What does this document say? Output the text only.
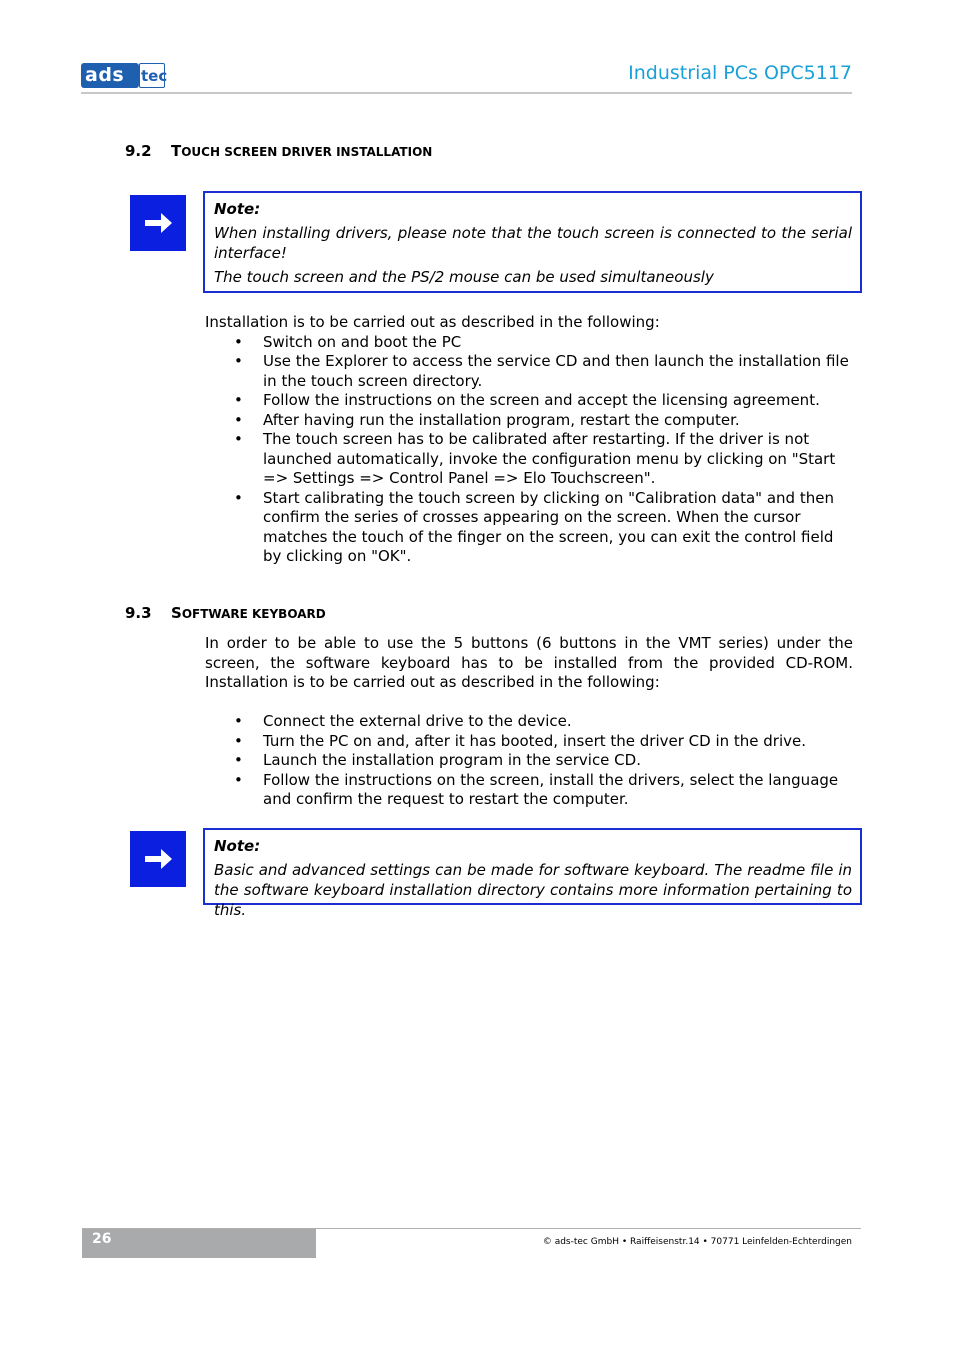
ads tec	Industrial PCs OPC5117
9.2 TOUCH SCREEN DRIVER INSTALLATION
Note:
When installing drivers, please note that the touch screen is connected to the serial interface!
The touch screen and the PS/2 mouse can be used simultaneously
Installation is to be carried out as described in the following:
• Switch on and boot the PC
• Use the Explorer to access the service CD and then launch the installation file in the touch screen directory.
• Follow the instructions on the screen and accept the licensing agreement.
• After having run the installation program, restart the computer.
• The touch screen has to be calibrated after restarting. If the driver is not launched automatically, invoke the configuration menu by clicking on "Start => Settings => Control Panel => Elo Touchscreen".
• Start calibrating the touch screen by clicking on "Calibration data" and then confirm the series of crosses appearing on the screen. When the cursor matches the touch of the finger on the screen, you can exit the control field by clicking on "OK".
9.3 SOFTWARE KEYBOARD
In order to be able to use the 5 buttons (6 buttons in the VMT series) under the screen, the software keyboard has to be installed from the provided CD-ROM. Installation is to be carried out as described in the following:
• Connect the external drive to the device.
• Turn the PC on and, after it has booted, insert the driver CD in the drive.
• Launch the installation program in the service CD.
• Follow the instructions on the screen, install the drivers, select the language and confirm the request to restart the computer.
Note:
Basic and advanced settings can be made for software keyboard. The readme file in the software keyboard installation directory contains more information pertaining to this.
26	© ads-tec GmbH • Raiffeisenstr.14 • 70771 Leinfelden-Echterdingen
